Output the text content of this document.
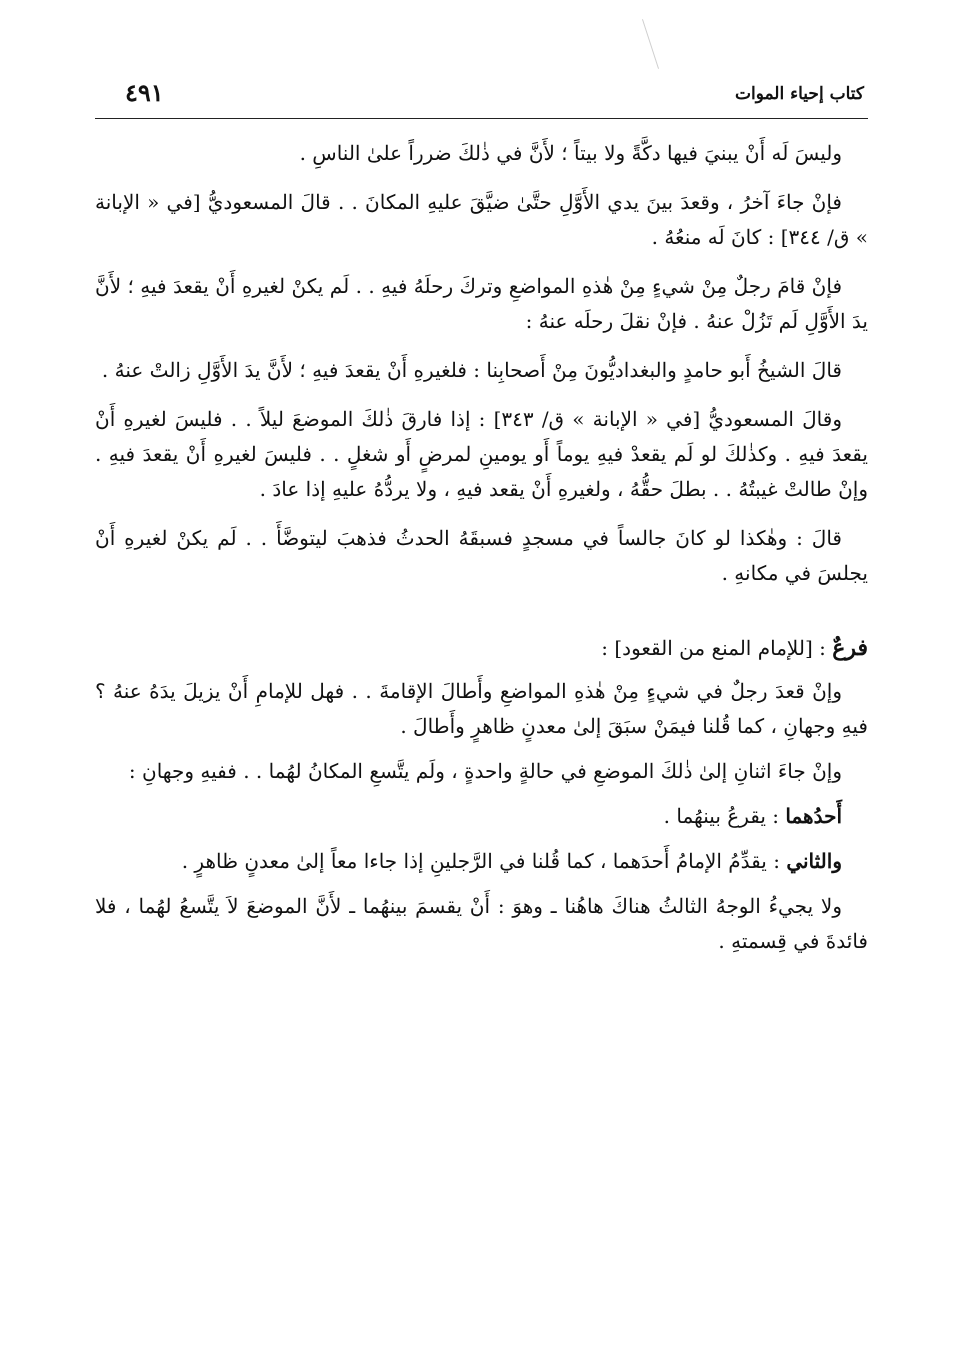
كتاب إحياء الموات
٤٩١

وليسَ لَه أَنْ يبنيَ فيها دكَّةً ولا بيتاً ؛ لأَنَّ في ذٰلكَ ضرراً علىٰ الناسِ .

فإنْ جاءَ آخرُ ، وقعدَ بينَ يدي الأَوَّلِ حتَّىٰ ضيَّقَ عليهِ المكانَ . . قالَ المسعوديُّ [في « الإبانة » ق/ ٣٤٤] : كانَ لَه منعُهُ .

فإنْ قامَ رجلٌ مِنْ شيءٍ مِنْ هٰذهِ المواضعِ وتركَ رحلَهُ فيهِ . . لَم يكنْ لغيرهِ أَنْ يقعدَ فيهِ ؛ لأَنَّ يدَ الأَوَّلِ لَم تَزُلْ عنهُ . فإنْ نقلَ رحلَه عنهُ :

قالَ الشيخُ أَبو حامدٍ والبغداديُّونَ مِنْ أَصحابِنا : فلغيرهِ أَنْ يقعدَ فيهِ ؛ لأَنَّ يدَ الأَوَّلِ زالتْ عنهُ .

وقالَ المسعوديُّ [في « الإبانة » ق/ ٣٤٣] : إذا فارقَ ذٰلكَ الموضعَ ليلاً . . فليسَ لغيرهِ أَنْ يقعدَ فيهِ . وكذٰلكَ لو لَم يقعدْ فيهِ يوماً أَو يومينِ لمرضٍ أَو شغلٍ . . فليسَ لغيرهِ أَنْ يقعدَ فيهِ . وإنْ طالتْ غيبتُهُ . . بطلَ حقُّهُ ، ولغيرهِ أَنْ يقعد فيهِ ، ولا يردُّهُ عليهِ إذا عادَ .

قالَ : وهٰكذا لو كانَ جالساً في مسجدٍ فسبقَهُ الحدثُ فذهبَ ليتوضَّأَ . . لَم يكنْ لغيرهِ أَنْ يجلسَ في مكانهِ .

فرعٌ : [للإمام المنع من القعود] :

وإنْ قعدَ رجلٌ في شيءٍ مِنْ هٰذهِ المواضعِ وأَطالَ الإقامةَ . . فهل للإمامِ أَنْ يزيلَ يدَهُ عنهُ ؟ فيهِ وجهانِ ، كما قُلنا فيمَنْ سبَقَ إلىٰ معدنٍ ظاهرٍ وأَطالَ .

وإنْ جاءَ اثنانِ إلىٰ ذٰلكَ الموضعِ في حالةٍ واحدةٍ ، ولَم يتَّسعِ المكانُ لهُما . . ففيهِ وجهانِ :

أَحدُهما : يقرعُ بينهُما .

والثاني : يقدِّمُ الإمامُ أَحدَهما ، كما قُلنا في الرَّجلينِ إذا جاءا معاً إلىٰ معدنٍ ظاهرٍ .

ولا يجيءُ الوجهُ الثالثُ هناكَ هاهُنا ـ وهوَ : أَنْ يقسمَ بينهُما ـ لأَنَّ الموضعَ لاَ يتَّسعُ لهُما ، فلا فائدةَ في قِسمتهِ .
